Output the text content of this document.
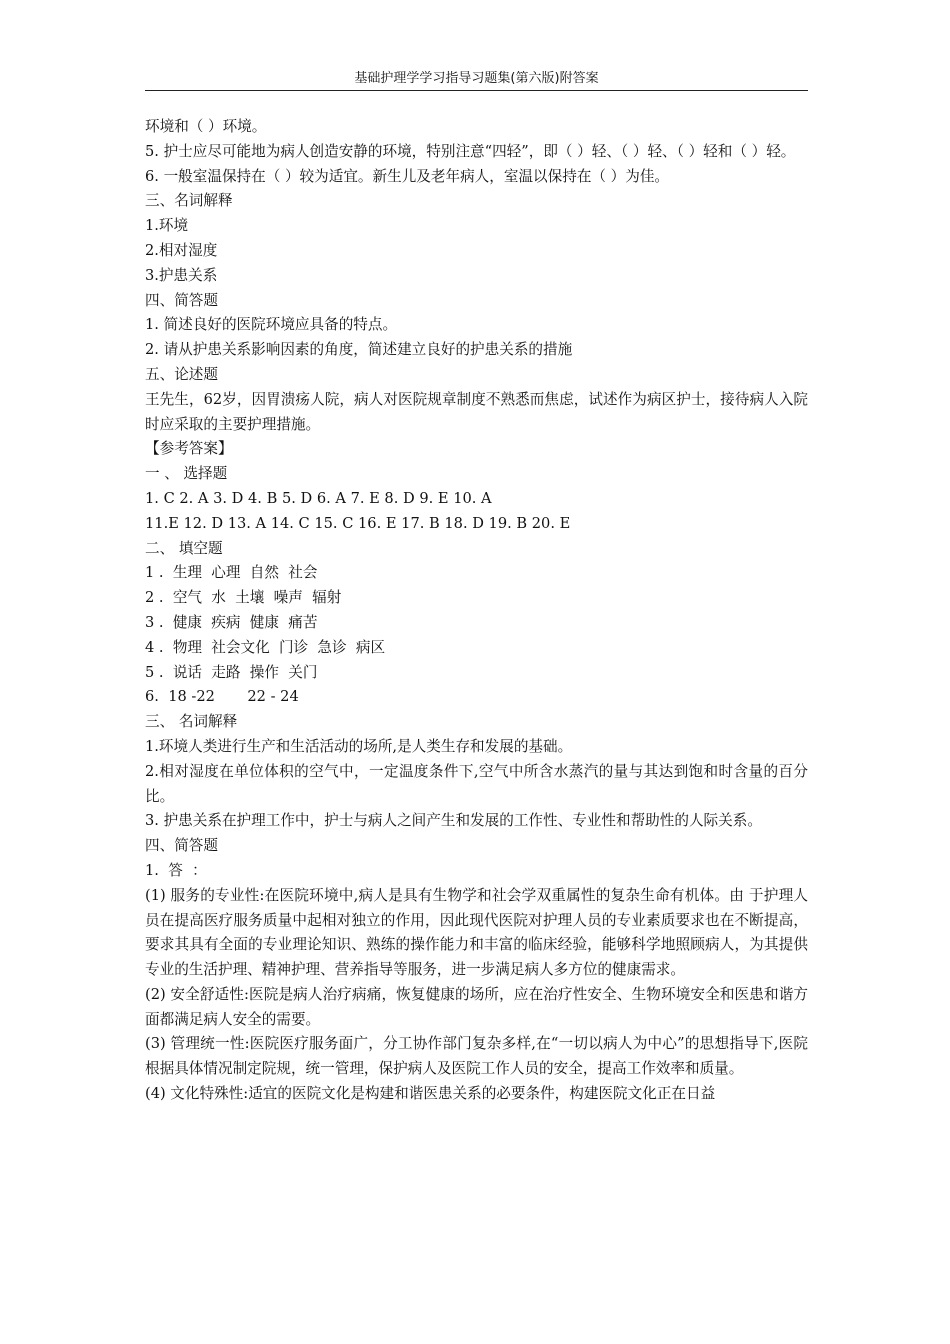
基础护理学学习指导习题集(第六版)附答案

环境和（ ）环境。

5. 护士应尽可能地为病人创造安静的环境，特别注意“四轻”，即（ ）轻、（ ）轻、（ ）轻和（ ）轻。

6. 一般室温保持在（ ）较为适宜。新生儿及老年病人，室温以保持在（ ）为佳。

三、名词解释

1.环境

2.相对湿度

3.护患关系

四、简答题

1. 简述良好的医院环境应具备的特点。

2. 请从护患关系影响因素的角度，简述建立良好的护患关系的措施

五、论述题

王先生，62岁，因胃溃疡人院，病人对医院规章制度不熟悉而焦虑，试述作为病区护士，接待病人入院时应采取的主要护理措施。

【参考答案】

一 、 选择题

1. C 2. A 3. D 4. B 5. D 6. A 7. E 8. D 9. E 10. A

11.E 12. D 13. A 14. C 15. C 16. E 17. B 18. D 19. B 20. E

二、 填空题

1 .  生理  心理  自然  社会

2 .  空气  水  土壤  噪声  辐射

3 .  健康  疾病  健康  痛苦

4 .  物理  社会文化  门诊  急诊  病区

5 .  说话  走路  操作  关门

6.  18 -22       22 - 24

三、 名词解释

1.环境人类进行生产和生活活动的场所,是人类生存和发展的基础。

2.相对湿度在单位体积的空气中，一定温度条件下,空气中所含水蒸汽的量与其达到饱和时含量的百分比。

3. 护患关系在护理工作中，护士与病人之间产生和发展的工作性、专业性和帮助性的人际关系。

四、简答题

1.  答  ：

(1) 服务的专业性:在医院环境中,病人是具有生物学和社会学双重属性的复杂生命有机体。由 于护理人员在提高医疗服务质量中起相对独立的作用，因此现代医院对护理人员的专业素质要求也在不断提高，要求其具有全面的专业理论知识、熟练的操作能力和丰富的临床经验，能够科学地照顾病人，为其提供专业的生活护理、精神护理、营养指导等服务，进一步满足病人多方位的健康需求。

(2) 安全舒适性:医院是病人治疗病痛，恢复健康的场所，应在治疗性安全、生物环境安全和医患和谐方面都满足病人安全的需要。

(3) 管理统一性:医院医疗服务面广，分工协作部门复杂多样,在“一切以病人为中心”的思想指导下,医院根据具体情况制定院规，统一管理，保护病人及医院工作人员的安全，提高工作效率和质量。

(4) 文化特殊性:适宜的医院文化是构建和谐医患关系的必要条件，构建医院文化正在日益
